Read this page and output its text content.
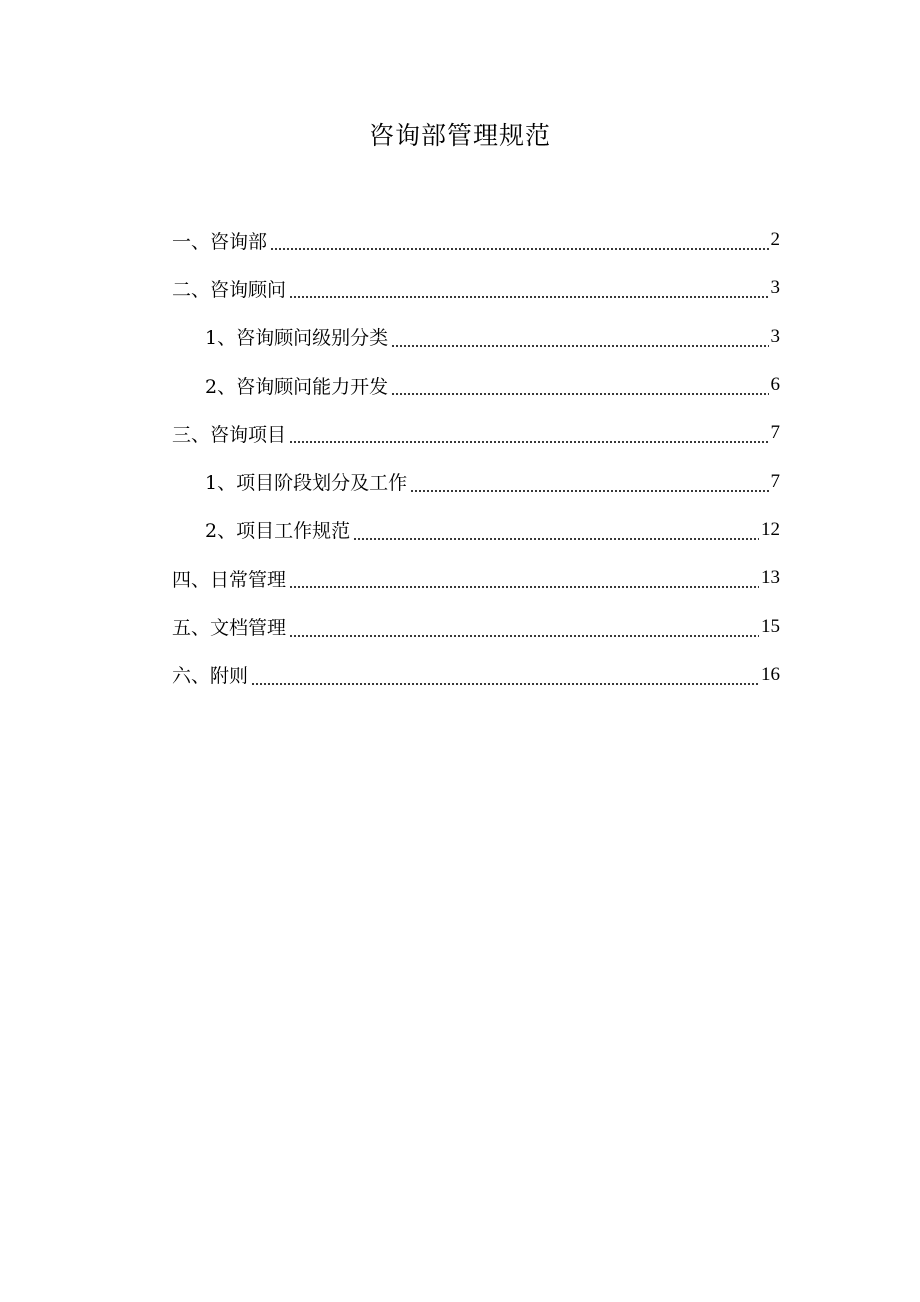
咨询部管理规范
一、咨询部	2
二、咨询顾问	3
1、咨询顾问级别分类	3
2、咨询顾问能力开发	6
三、咨询项目	7
1、项目阶段划分及工作	7
2、项目工作规范	12
四、日常管理	13
五、文档管理	15
六、附则	16
